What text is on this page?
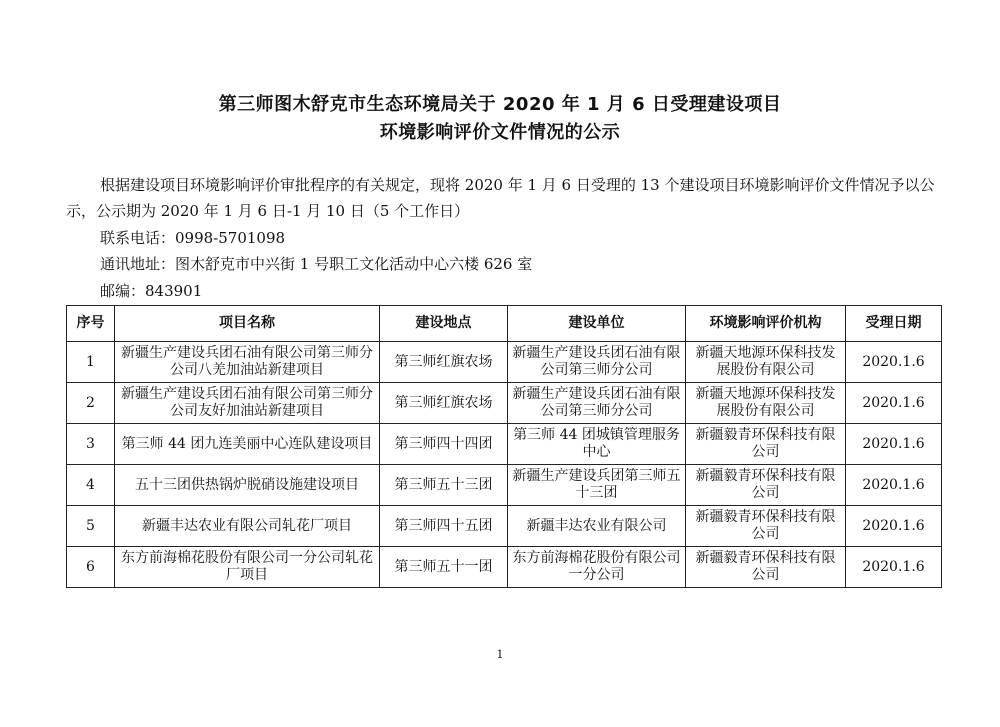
第三师图木舒克市生态环境局关于 2020 年 1 月 6 日受理建设项目
环境影响评价文件情况的公示
根据建设项目环境影响评价审批程序的有关规定，现将 2020 年 1 月 6 日受理的 13 个建设项目环境影响评价文件情况予以公示，公示期为 2020 年 1 月 6 日-1 月 10 日（5 个工作日）
联系电话：0998-5701098
通讯地址：图木舒克市中兴街 1 号职工文化活动中心六楼 626 室
邮编：843901
序号	项目名称	建设地点	建设单位	环境影响评价机构	受理日期
1	新疆生产建设兵团石油有限公司第三师分公司八羌加油站新建项目	第三师红旗农场	新疆生产建设兵团石油有限公司第三师分公司	新疆天地源环保科技发展股份有限公司	2020.1.6
2	新疆生产建设兵团石油有限公司第三师分公司友好加油站新建项目	第三师红旗农场	新疆生产建设兵团石油有限公司第三师分公司	新疆天地源环保科技发展股份有限公司	2020.1.6
3	第三师 44 团九连美丽中心连队建设项目	第三师四十四团	第三师 44 团城镇管理服务中心	新疆毅青环保科技有限公司	2020.1.6
4	五十三团供热锅炉脱硝设施建设项目	第三师五十三团	新疆生产建设兵团第三师五十三团	新疆毅青环保科技有限公司	2020.1.6
5	新疆丰达农业有限公司轧花厂项目	第三师四十五团	新疆丰达农业有限公司	新疆毅青环保科技有限公司	2020.1.6
6	东方前海棉花股份有限公司一分公司轧花厂项目	第三师五十一团	东方前海棉花股份有限公司一分公司	新疆毅青环保科技有限公司	2020.1.6
1
